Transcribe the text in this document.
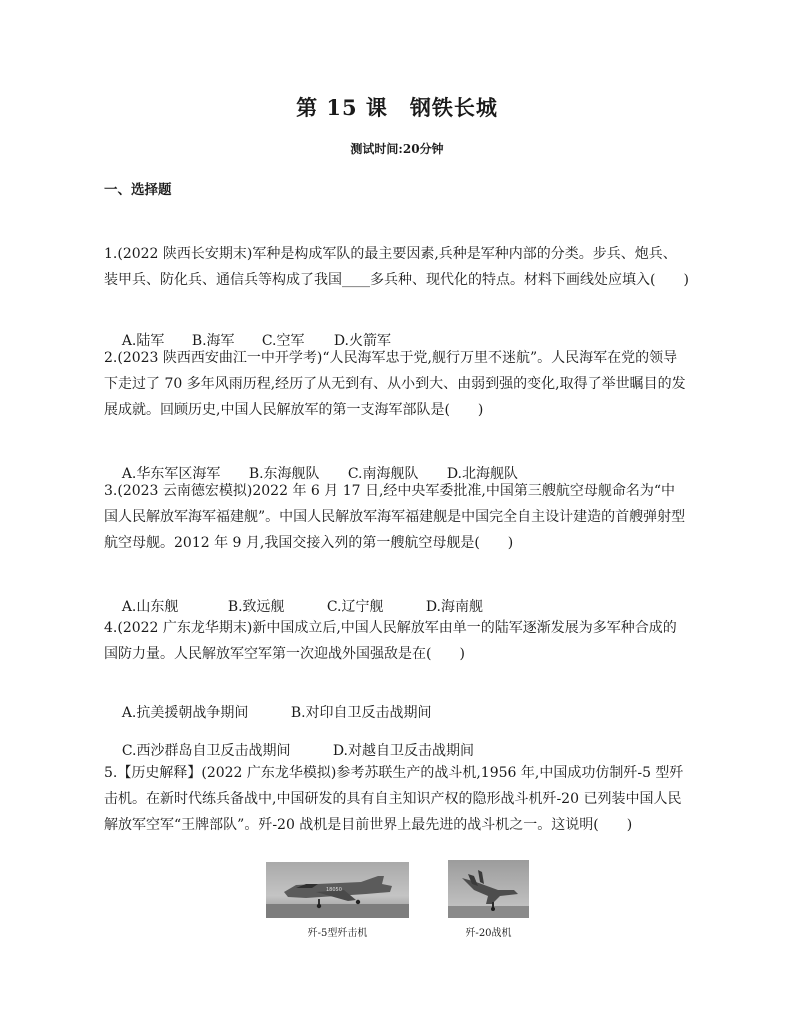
第 15 课　钢铁长城
测试时间:20分钟
一、选择题
1.(2022 陕西长安期末)军种是构成军队的最主要因素,兵种是军种内部的分类。步兵、炮兵、装甲兵、防化兵、通信兵等构成了我国____多兵种、现代化的特点。材料下画线处应填入(　　)

A.陆军 B.海军 C.空军 D.火箭军

2.(2023 陕西西安曲江一中开学考)“人民海军忠于党,舰行万里不迷航”。人民海军在党的领导下走过了 70 多年风雨历程,经历了从无到有、从小到大、由弱到强的变化,取得了举世瞩目的发展成就。回顾历史,中国人民解放军的第一支海军部队是(　　)

A.华东军区海军 B.东海舰队 C.南海舰队 D.北海舰队

3.(2023 云南德宏模拟)2022 年 6 月 17 日,经中央军委批准,中国第三艘航空母舰命名为“中国人民解放军海军福建舰”。中国人民解放军海军福建舰是中国完全自主设计建造的首艘弹射型航空母舰。2012 年 9 月,我国交接入列的第一艘航空母舰是(　　)

A.山东舰	B.致远舰	C.辽宁舰	D.海南舰

4.(2022 广东龙华期末)新中国成立后,中国人民解放军由单一的陆军逐渐发展为多军种合成的国防力量。人民解放军空军第一次迎战外国强敌是在(　　)

A.抗美援朝战争期间	B.对印自卫反击战期间

C.西沙群岛自卫反击战期间	D.对越自卫反击战期间

5.【历史解释】(2022 广东龙华模拟)参考苏联生产的战斗机,1956 年,中国成功仿制歼-5 型歼击机。在新时代练兵备战中,中国研发的具有自主知识产权的隐形战斗机歼-20 已列装中国人民解放军空军“王牌部队”。歼-20 战机是目前世界上最先进的战斗机之一。这说明(　　)
18050
歼-5型歼击机	歼-20战机
